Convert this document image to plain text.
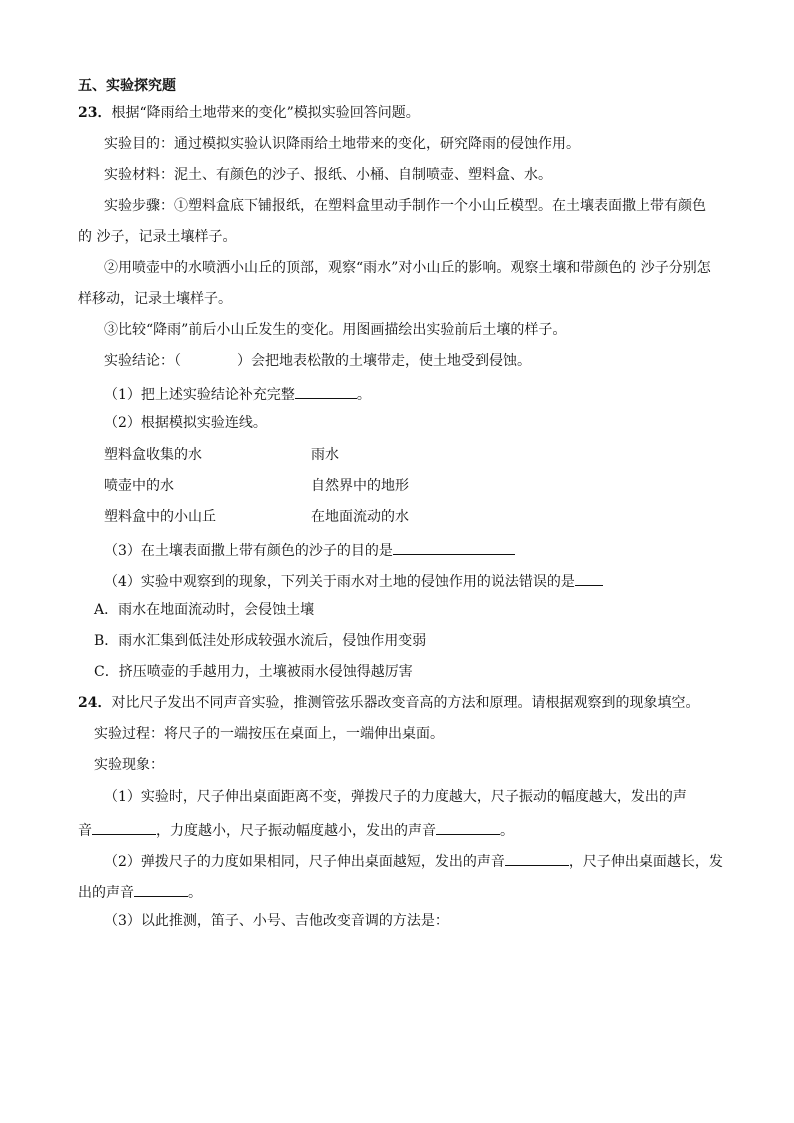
五、实验探究题
23．根据“降雨给土地带来的变化”模拟实验回答问题。
实验目的：通过模拟实验认识降雨给土地带来的变化，研究降雨的侵蚀作用。
实验材料：泥土、有颜色的沙子、报纸、小桶、自制喷壶、塑料盒、水。
实验步骤：①塑料盒底下铺报纸，在塑料盒里动手制作一个小山丘模型。在土壤表面撒上带有颜色
的 沙子，记录土壤样子。
②用喷壶中的水喷洒小山丘的顶部，观察“雨水”对小山丘的影响。观察土壤和带颜色的 沙子分别怎
样移动，记录土壤样子。
③比较“降雨”前后小山丘发生的变化。用图画描绘出实验前后土壤的样子。
实验结论：（　　　　）会把地表松散的土壤带走，使土地受到侵蚀。
（1）把上述实验结论补充完整	。
（2）根据模拟实验连线。
塑料盒收集的水	雨水
喷壶中的水	自然界中的地形
塑料盒中的小山丘	在地面流动的水
（3）在土壤表面撒上带有颜色的沙子的目的是
（4）实验中观察到的现象，下列关于雨水对土地的侵蚀作用的说法错误的是
A．雨水在地面流动时，会侵蚀土壤
B．雨水汇集到低洼处形成较强水流后，侵蚀作用变弱
C．挤压喷壶的手越用力，土壤被雨水侵蚀得越厉害
24．对比尺子发出不同声音实验，推测管弦乐器改变音高的方法和原理。请根据观察到的现象填空。
实验过程：将尺子的一端按压在桌面上，一端伸出桌面。
实验现象：
（1）实验时，尺子伸出桌面距离不变，弹拨尺子的力度越大，尺子振动的幅度越大，发出的声
音	，力度越小，尺子振动幅度越小，发出的声音	。
（2）弹拨尺子的力度如果相同，尺子伸出桌面越短，发出的声音	，尺子伸出桌面越长，发
出的声音	。
（3）以此推测，笛子、小号、吉他改变音调的方法是：
